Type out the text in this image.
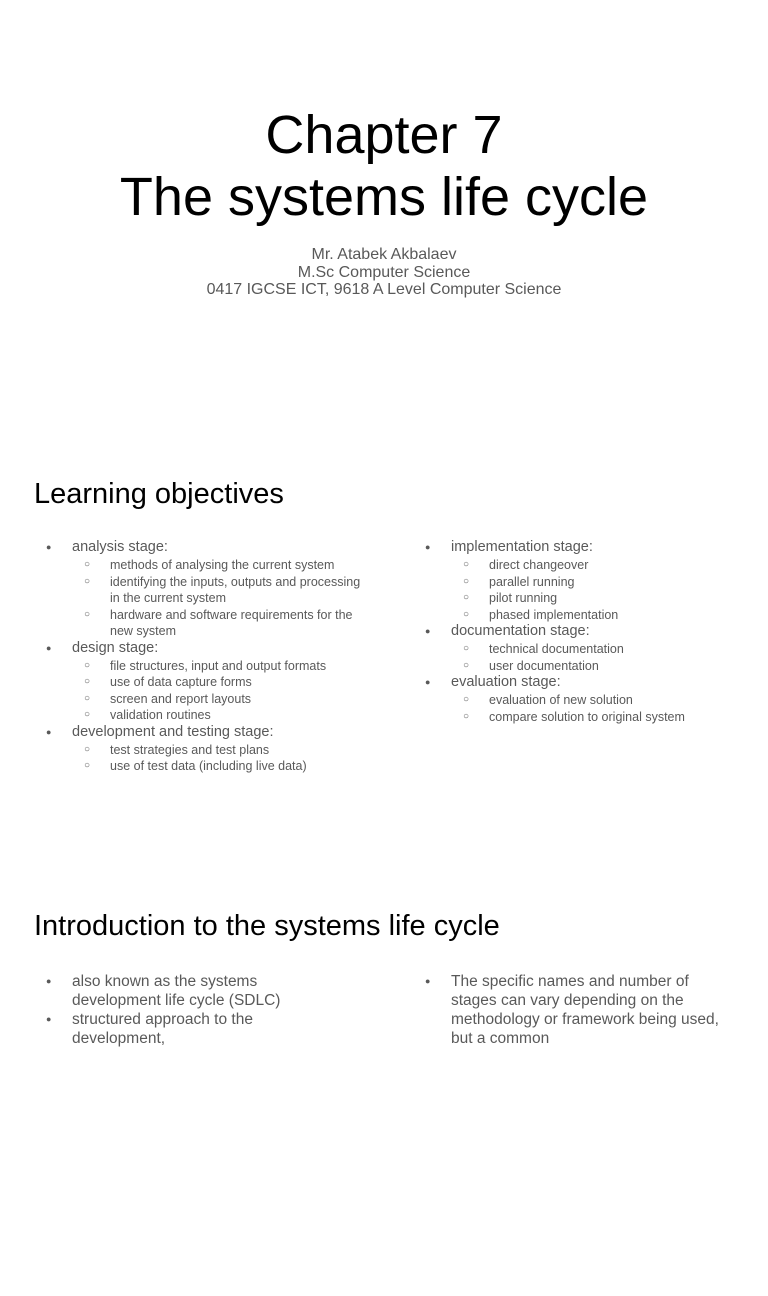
Chapter 7
The systems life cycle
Mr. Atabek Akbalaev
M.Sc Computer Science
0417 IGCSE ICT, 9618 A Level Computer Science
Learning objectives
● analysis stage:
○ methods of analysing the current system
○ identifying the inputs, outputs and processing in the current system
○ hardware and software requirements for the new system
● design stage:
○ file structures, input and output formats
○ use of data capture forms
○ screen and report layouts
○ validation routines
● development and testing stage:
○ test strategies and test plans
○ use of test data (including live data)
● implementation stage:
○ direct changeover
○ parallel running
○ pilot running
○ phased implementation
● documentation stage:
○ technical documentation
○ user documentation
● evaluation stage:
○ evaluation of new solution
○ compare solution to original system
Introduction to the systems life cycle
● also known as the systems development life cycle (SDLC)
● structured approach to the development,
● The specific names and number of stages can vary depending on the methodology or framework being used, but a common
